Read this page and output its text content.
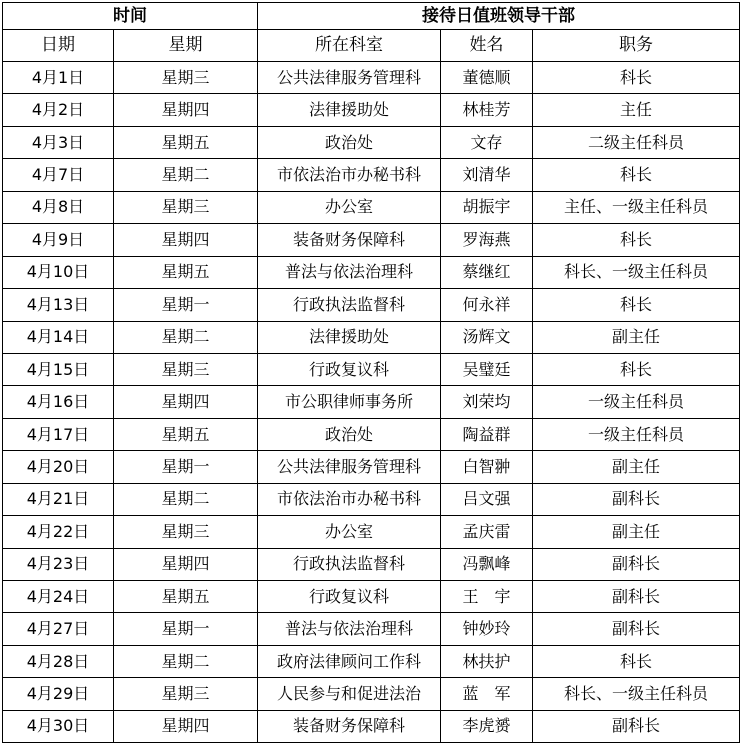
时间		接待日值班领导干部		
日期	星期	所在科室	姓名	职务
4月1日	星期三	公共法律服务管理科	董德顺	科长
4月2日	星期四	法律援助处	林桂芳	主任
4月3日	星期五	政治处	文存	二级主任科员
4月7日	星期二	市依法治市办秘书科	刘清华	科长
4月8日	星期三	办公室	胡振宇	主任、一级主任科员
4月9日	星期四	装备财务保障科	罗海燕	科长
4月10日	星期五	普法与依法治理科	蔡继红	科长、一级主任科员
4月13日	星期一	行政执法监督科	何永祥	科长
4月14日	星期二	法律援助处	汤辉文	副主任
4月15日	星期三	行政复议科	吴璧廷	科长
4月16日	星期四	市公职律师事务所	刘荣均	一级主任科员
4月17日	星期五	政治处	陶益群	一级主任科员
4月20日	星期一	公共法律服务管理科	白智翀	副主任
4月21日	星期二	市依法治市办秘书科	吕文强	副科长
4月22日	星期三	办公室	孟庆雷	副主任
4月23日	星期四	行政执法监督科	冯飘峰	副科长
4月24日	星期五	行政复议科	王　宇	副科长
4月27日	星期一	普法与依法治理科	钟妙玲	副科长
4月28日	星期二	政府法律顾问工作科	林扶护	科长
4月29日	星期三	人民参与和促进法治	蓝　军	科长、一级主任科员
4月30日	星期四	装备财务保障科	李虎赟	副科长
